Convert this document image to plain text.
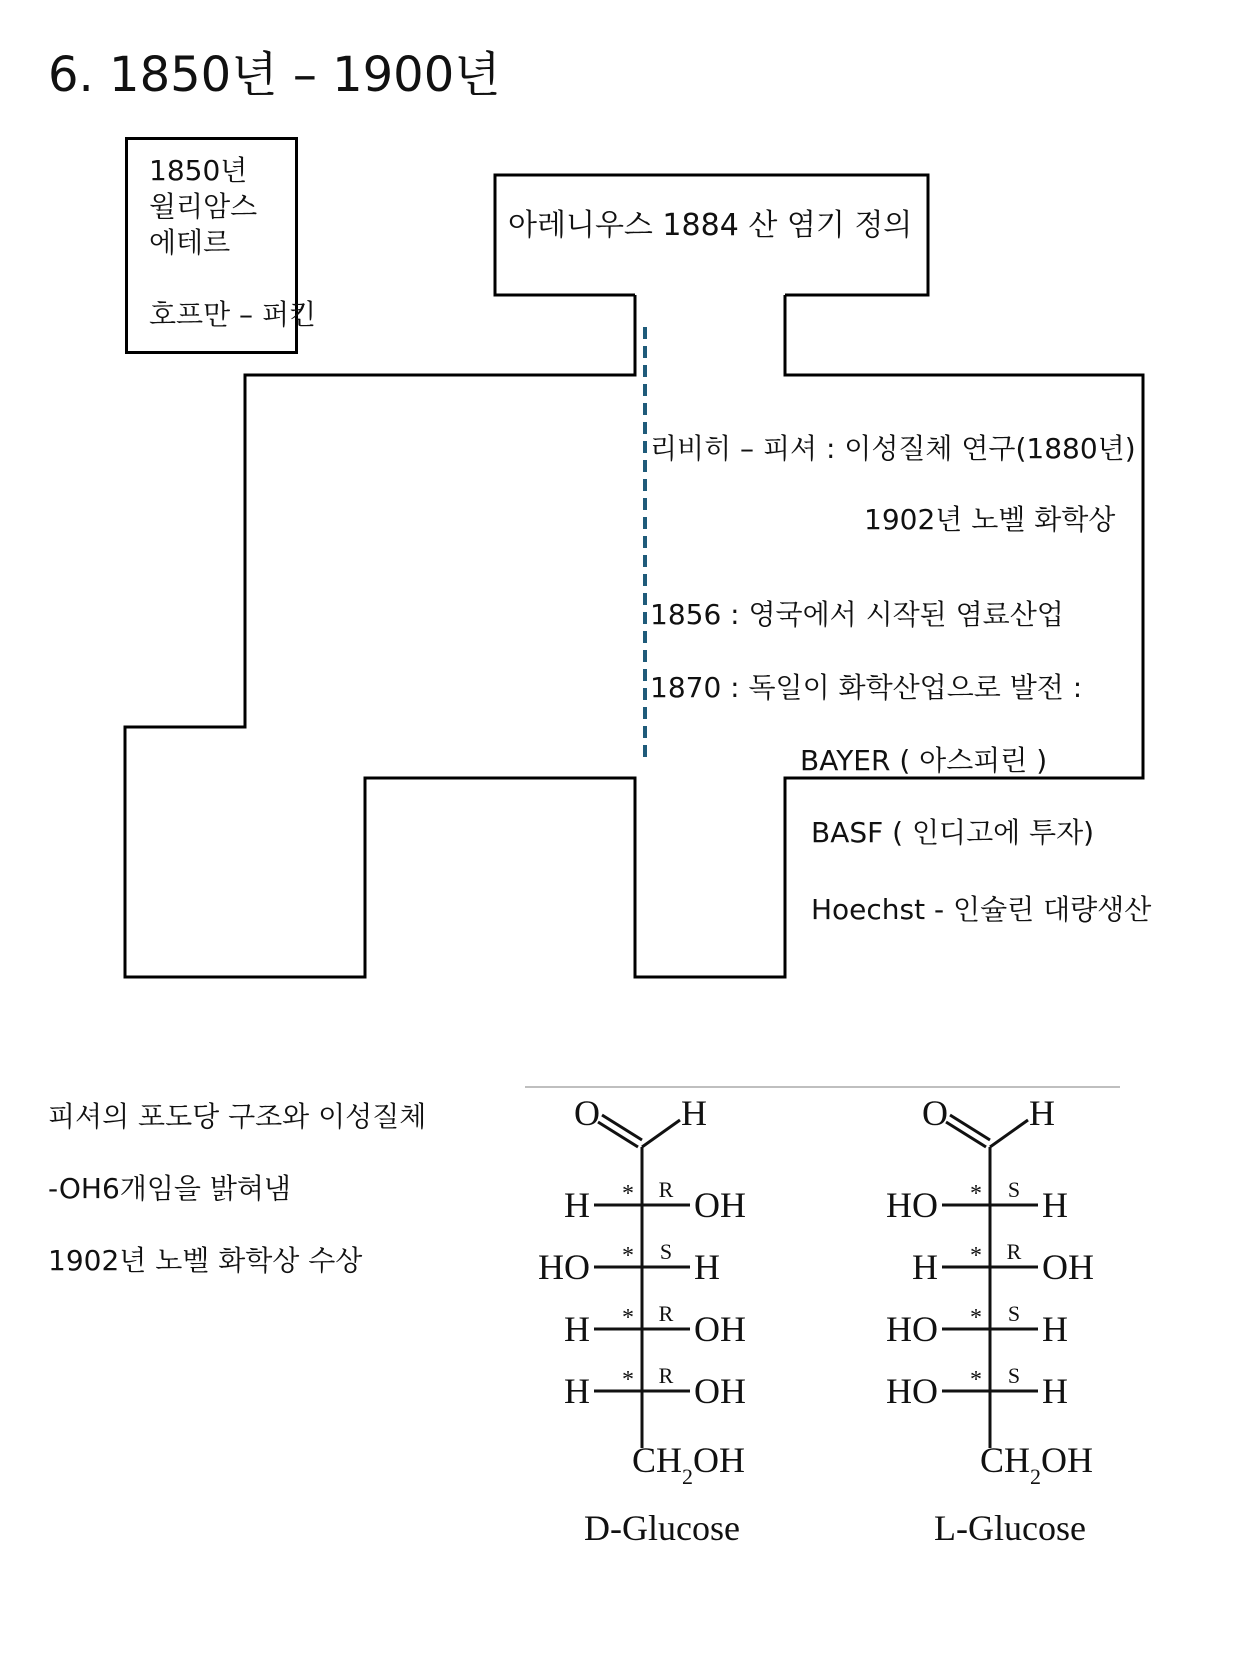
6. 1850년 – 1900년
1850년
윌리암스
에테르
호프만 – 퍼킨
아레니우스 1884 산 염기 정의
리비히 – 피셔 : 이성질체 연구(1880년)
1902년 노벨 화학상
1856 : 영국에서 시작된 염료산업
1870 : 독일이 화학산업으로 발전 :
BAYER ( 아스피린 )
BASF ( 인디고에 투자)
Hoechst - 인슐린 대량생산
피셔의 포도당 구조와 이성질체
-OH6개임을 밝혀냄
1902년 노벨 화학상 수상
O H
H	OH
* R
HO	H
* S
H	OH
* R
H	OH
* R
$CH_2OH$
D-Glucose
O H
HO	H
* S
H	OH
* R
HO	H
* S
HO	H
* S
$CH_2OH$
L-Glucose
